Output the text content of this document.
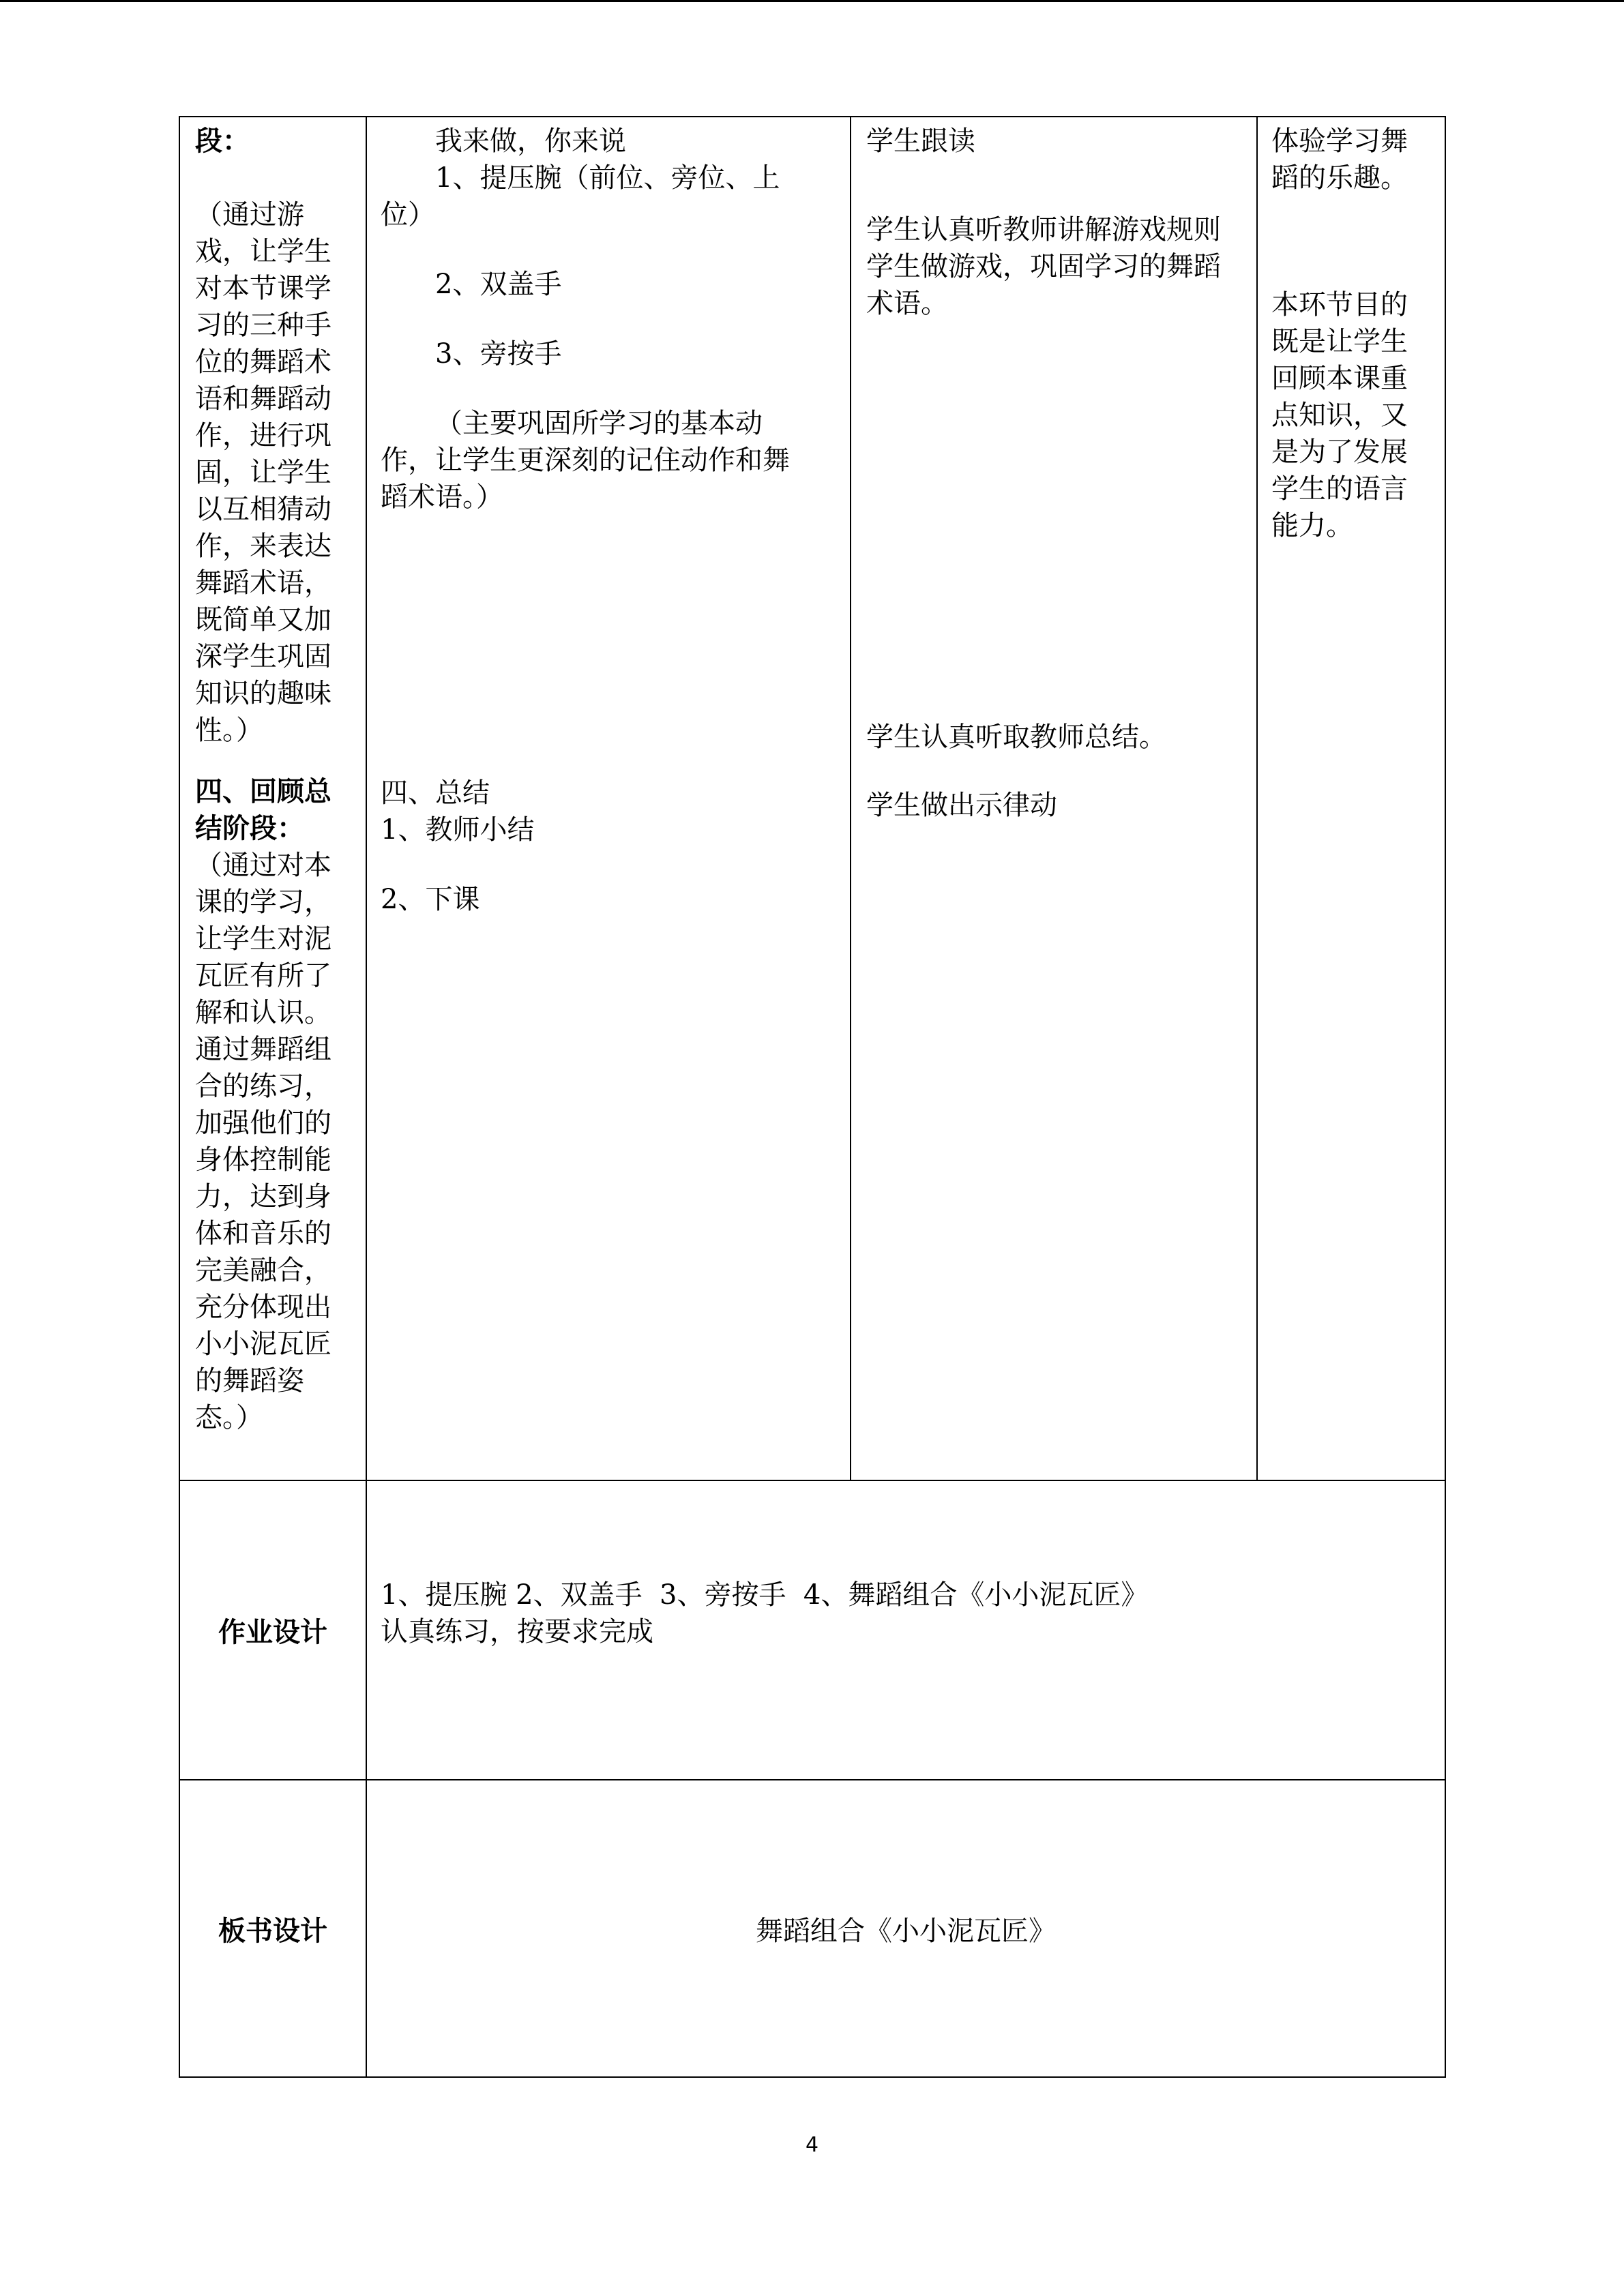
段：

（通过游

戏，让学生

对本节课学

习的三种手

位的舞蹈术

语和舞蹈动

作，进行巩

固，让学生

以互相猜动

作，来表达

舞蹈术语，

既简单又加

深学生巩固

知识的趣味

性。）

四、回顾总

结阶段：

（通过对本

课的学习，

让学生对泥

瓦匠有所了

解和认识。

通过舞蹈组

合的练习，

加强他们的

身体控制能

力，达到身

体和音乐的

完美融合，

充分体现出

小小泥瓦匠

的舞蹈姿

态。）

我来做，你来说

1、提压腕（前位、旁位、上

位）

2、双盖手

3、旁按手

（主要巩固所学习的基本动

作，让学生更深刻的记住动作和舞

蹈术语。）

四、总结

1、教师小结

2、下课

学生跟读

学生认真听教师讲解游戏规则

学生做游戏，巩固学习的舞蹈

术语。

学生认真听取教师总结。

学生做出示律动

体验学习舞

蹈的乐趣。

本环节目的

既是让学生

回顾本课重

点知识，又

是为了发展

学生的语言

能力。

作业设计

1、提压腕 2、双盖手  3、旁按手  4、舞蹈组合《小小泥瓦匠》

认真练习，按要求完成

板书设计	舞蹈组合《小小泥瓦匠》
4
